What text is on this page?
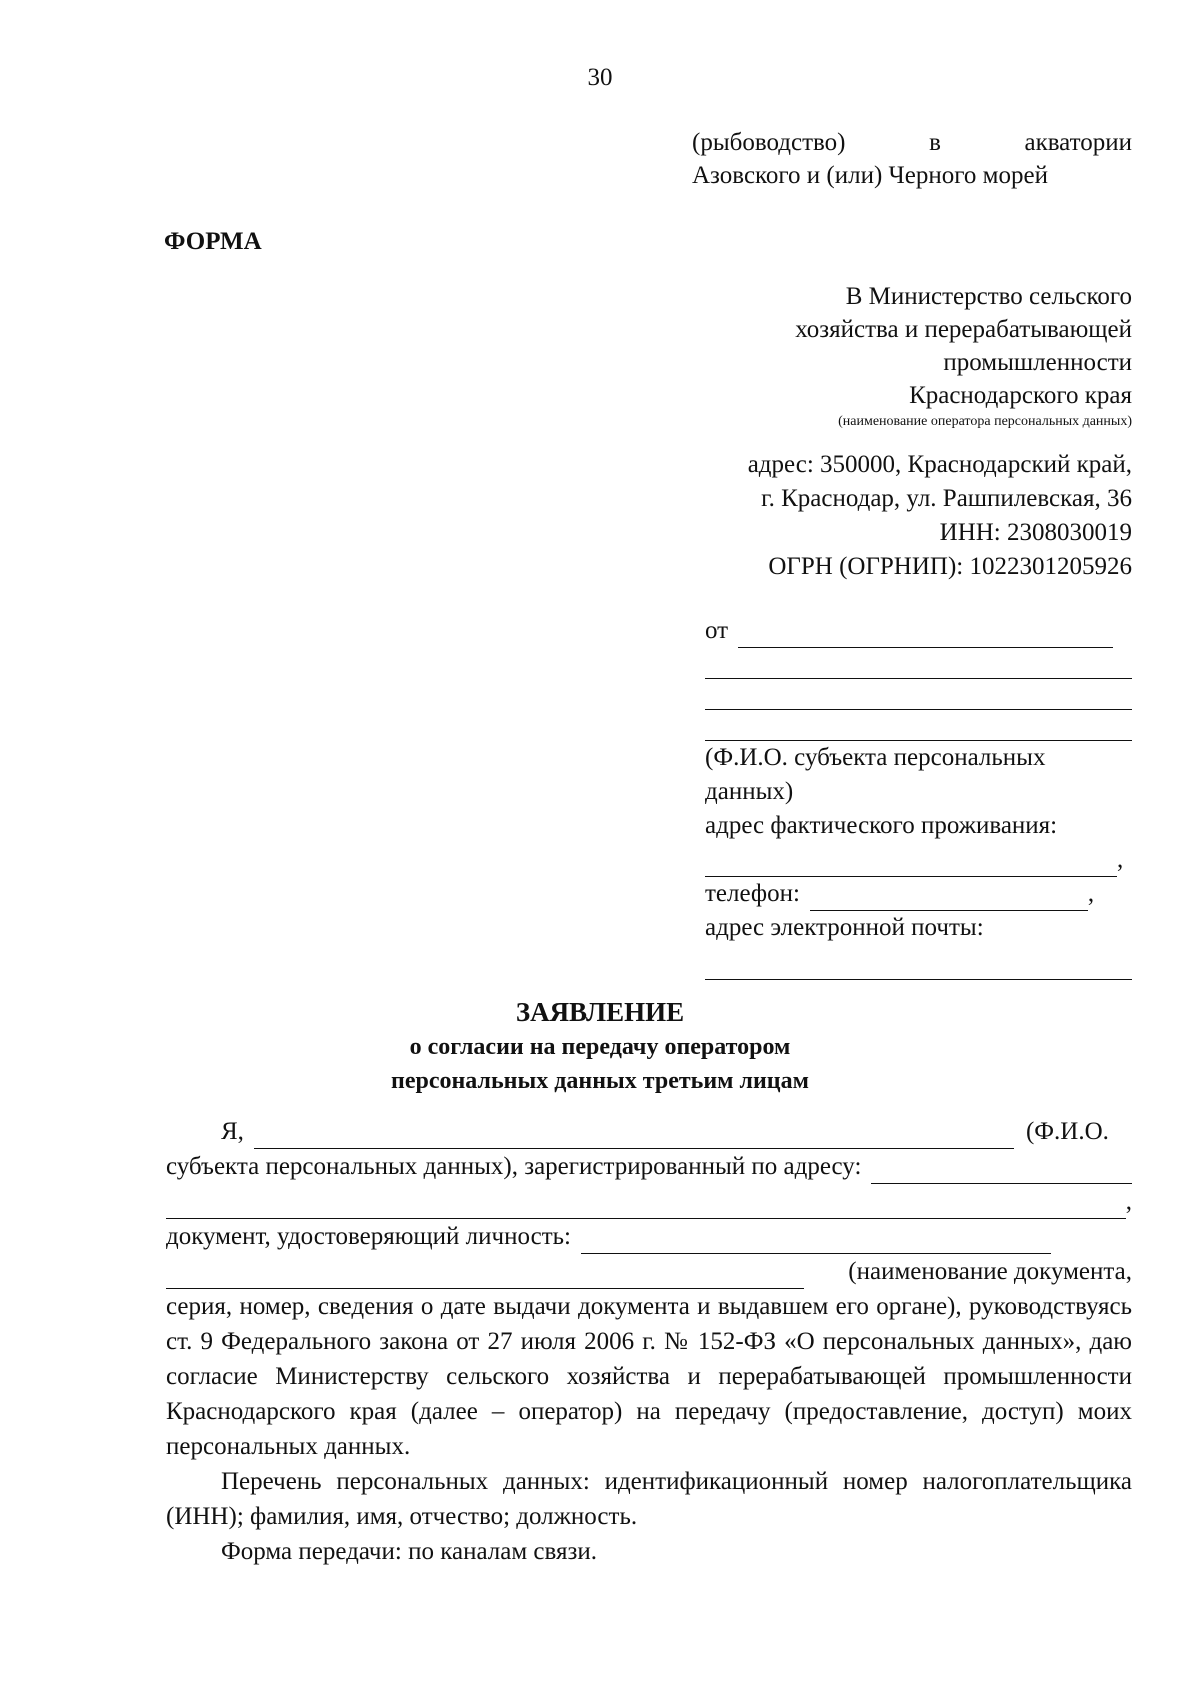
30
(рыбоводство)	в	акватории
Азовского и (или) Черного морей
ФОРМА
В Министерство сельского
хозяйства и перерабатывающей
промышленности
Краснодарского края
(наименование оператора персональных данных)
адрес: 350000, Краснодарский край,
г. Краснодар, ул. Рашпилевская, 36
ИНН: 2308030019
ОГРН (ОГРНИП): 1022301205926
от
(Ф.И.О. субъекта персональных данных)
адрес фактического проживания:
,
телефон:	,
адрес электронной почты:
ЗАЯВЛЕНИЕ
о согласии на передачу оператором
персональных данных третьим лицам
Я,	(Ф.И.О.
субъекта персональных данных), зарегистрированный по адресу:
,
документ, удостоверяющий личность:
(наименование документа,
серия, номер, сведения о дате выдачи документа и выдавшем его органе), руководствуясь ст. 9 Федерального закона от 27 июля 2006 г. № 152-ФЗ «О персональных данных», даю согласие Министерству сельского хозяйства и перерабатывающей промышленности Краснодарского края (далее – оператор) на передачу (предоставление, доступ) моих персональных данных.
Перечень персональных данных: идентификационный номер налогоплательщика (ИНН); фамилия, имя, отчество; должность.
Форма передачи: по каналам связи.
